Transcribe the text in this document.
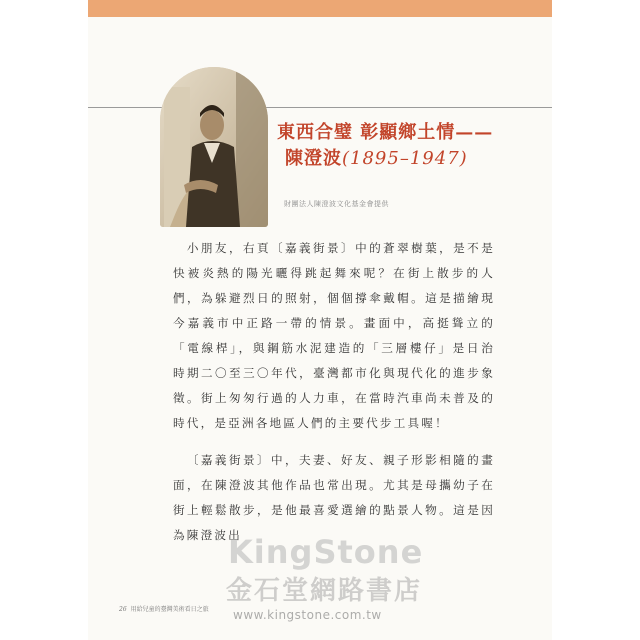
東西合璧 彰顯鄉土情——
陳澄波(1895–1947)
財團法人陳澄波文化基金會提供

小朋友，右頁〔嘉義街景〕中的蒼翠樹葉，是不是快被炎熱的陽光曬得跳起舞來呢？在街上散步的人們，為躲避烈日的照射，個個撐傘戴帽。這是描繪現今嘉義市中正路一帶的情景。畫面中，高挺聳立的「電線桿」，與鋼筋水泥建造的「三層樓仔」是日治時期二〇至三〇年代，臺灣都市化與現代化的進步象徵。街上匆匆行過的人力車，在當時汽車尚未普及的時代，是亞洲各地區人們的主要代步工具喔！

〔嘉義街景〕中，夫妻、好友、親子形影相隨的畫面，在陳澄波其他作品也常出現。尤其是母攜幼子在街上輕鬆散步，是他最喜愛選繪的點景人物。這是因為陳澄波出

KingStone
金石堂網路書店
www.kingstone.com.tw
26 用給兒童的臺灣美術看日之旅
